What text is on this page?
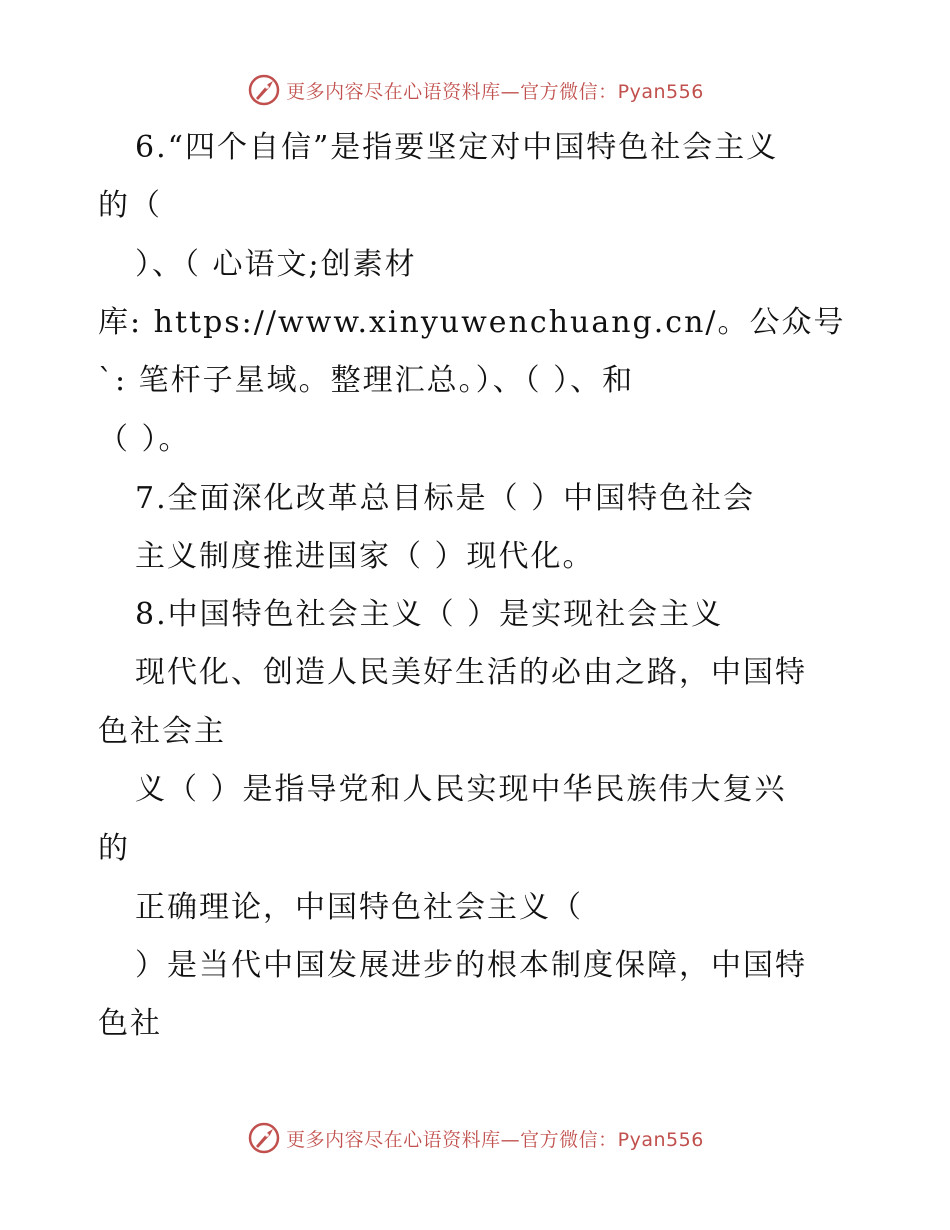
更多内容尽在心语资料库—官方微信：Pyan556
6.“四个自信”是指要坚定对中国特色社会主义
的（
）、（ 心语文;创素材
库: https://www.xinyuwenchuang.cn/。公众号
`: 笔杆子星域。整理汇总。）、（ ）、和
（ ）。
7.全面深化改革总目标是（ ）中国特色社会
主义制度推进国家（ ）现代化。
8.中国特色社会主义（ ）是实现社会主义
现代化、创造人民美好生活的必由之路，中国特
色社会主
义（ ）是指导党和人民实现中华民族伟大复兴
的
正确理论，中国特色社会主义（
）是当代中国发展进步的根本制度保障，中国特
色社
更多内容尽在心语资料库—官方微信：Pyan556
